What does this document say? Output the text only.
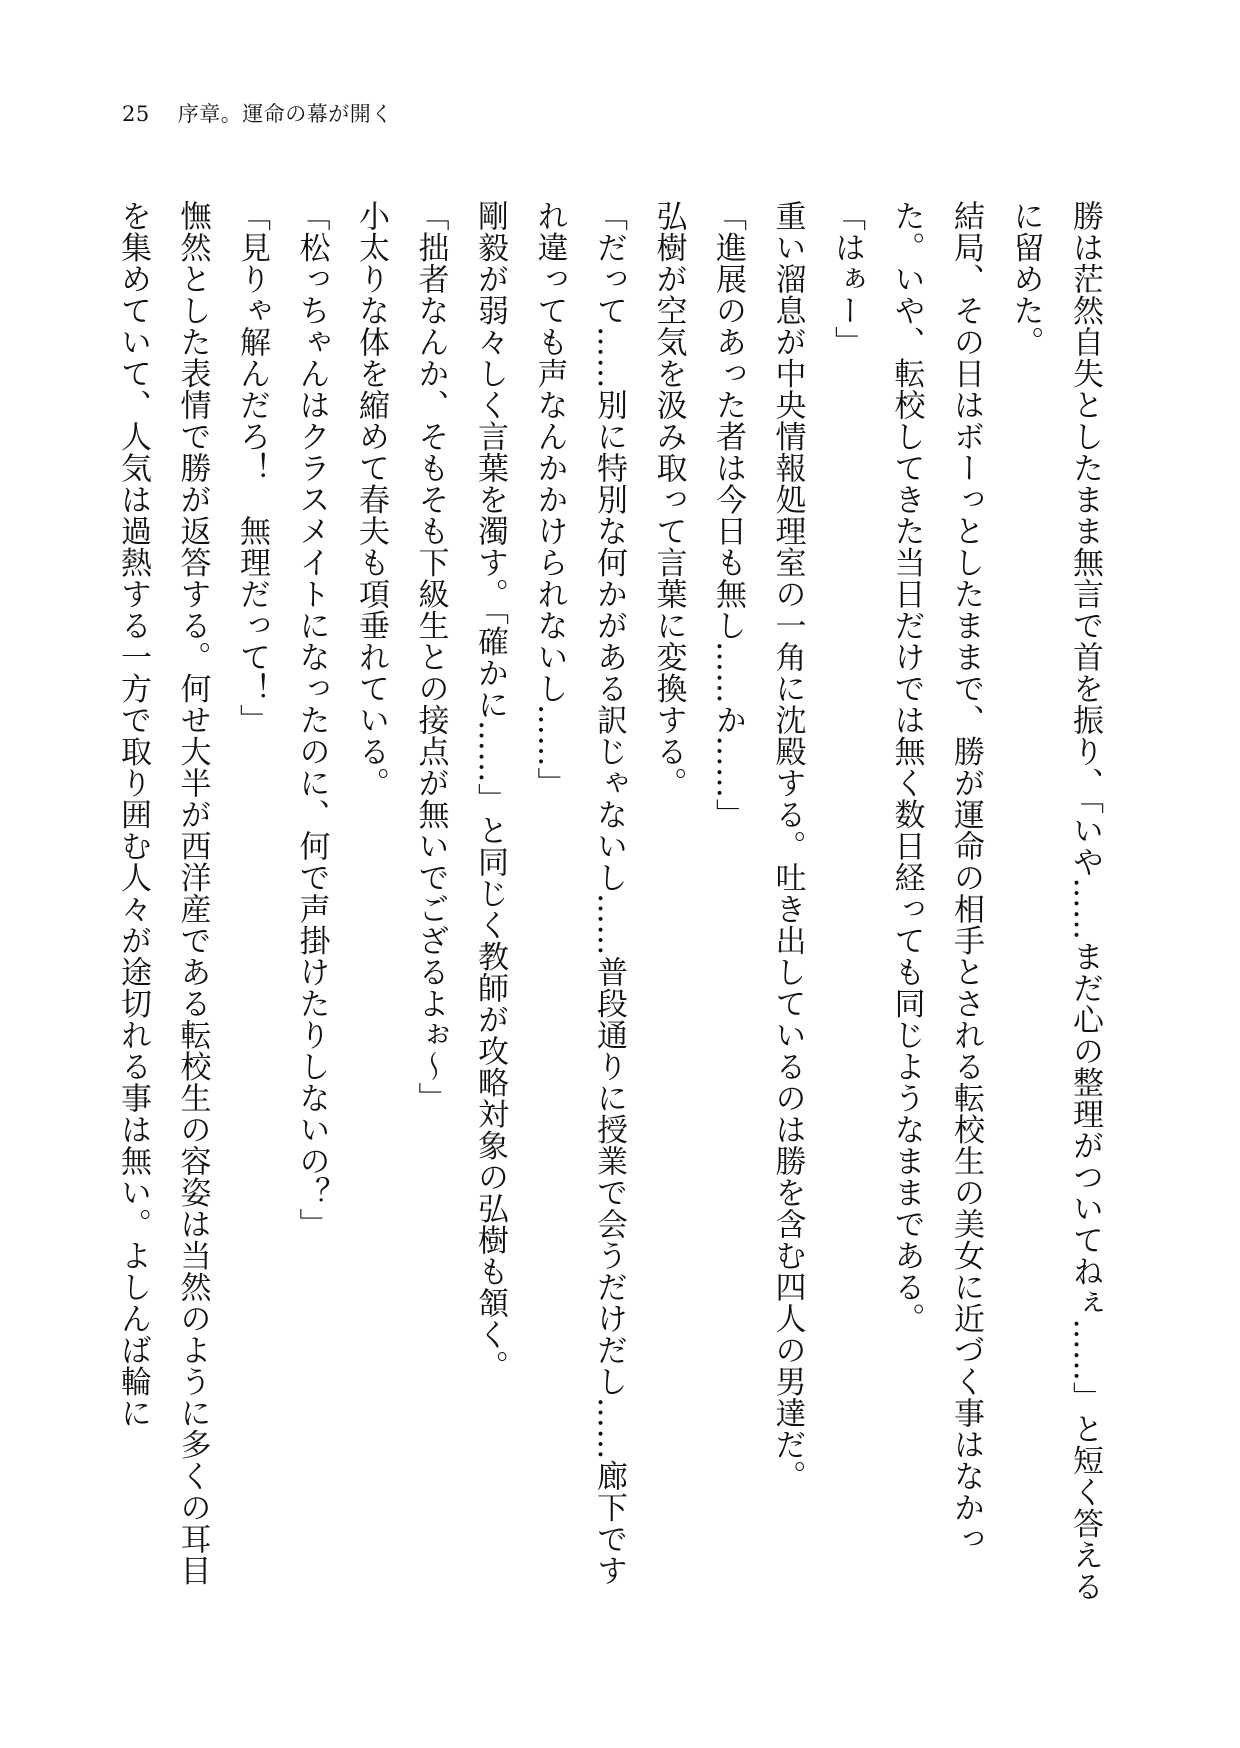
25 序章。運命の幕が開く

勝は茫然自失としたまま無言で首を振り、「いや……まだ心の整理がついてねぇ……」と短く答えるに留めた。

結局、その日はボーっとしたままで、勝が運命の相手とされる転校生の美女に近づく事はなかった。いや、転校してきた当日だけでは無く数日経っても同じようなままである。

「はぁー」

重い溜息が中央情報処理室の一角に沈殿する。吐き出しているのは勝を含む四人の男達だ。

「進展のあった者は今日も無し……か……」

弘樹が空気を汲み取って言葉に変換する。

「だって……別に特別な何かがある訳じゃないし……普段通りに授業で会うだけだし……廊下ですれ違っても声なんかかけられないし……」

剛毅が弱々しく言葉を濁す。「確かに……」と同じく教師が攻略対象の弘樹も頷く。

「拙者なんか、そもそも下級生との接点が無いでござるよぉ～」

小太りな体を縮めて春夫も項垂れている。

「松っちゃんはクラスメイトになったのに、何で声掛けたりしないの？」

「見りゃ解んだろ！　無理だって！」

憮然とした表情で勝が返答する。何せ大半が西洋産である転校生の容姿は当然のように多くの耳目を集めていて、人気は過熱する一方で取り囲む人々が途切れる事は無い。よしんば輪に
